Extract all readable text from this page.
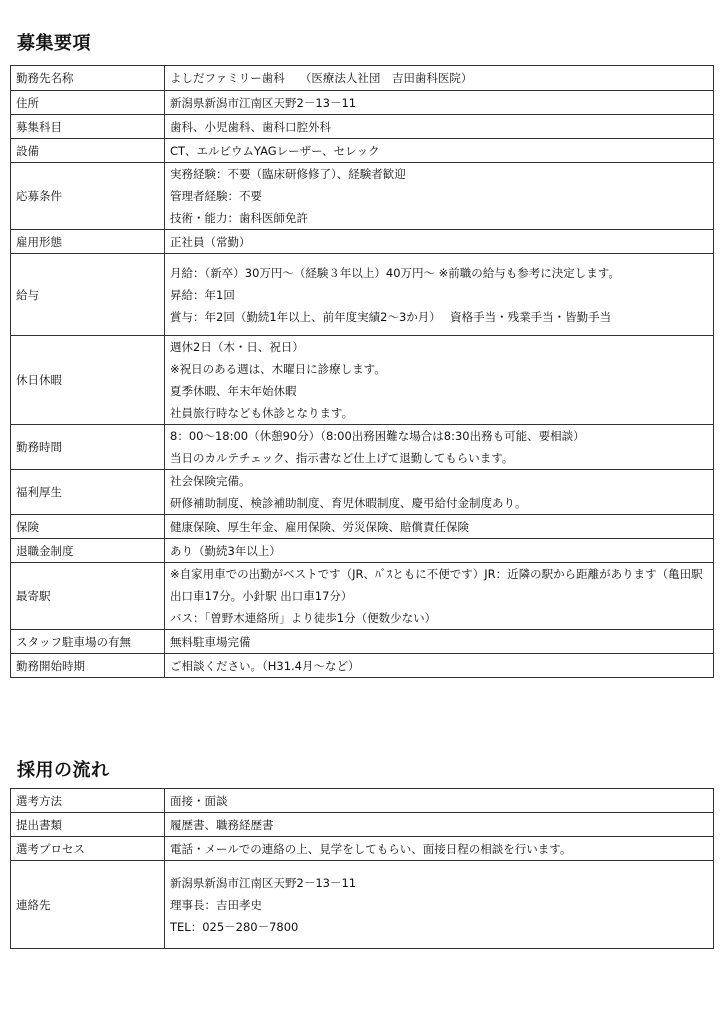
募集要項
勤務先名称	よしだファミリー歯科　 （医療法人社団　吉田歯科医院）

住所	新潟県新潟市江南区天野2－13－11

募集科目	歯科、小児歯科、歯科口腔外科

設備	CT、エルビウムYAGレーザー、セレック

応募条件	実務経験：不要（臨床研修修了）、経験者歓迎
管理者経験：不要
技術・能力：歯科医師免許

雇用形態	正社員（常勤）

給与	月給：（新卒）30万円～（経験３年以上）40万円～ ※前職の給与も参考に決定します。
昇給：年1回
賞与：年2回（勤続1年以上、前年度実績2～3か月）　 資格手当・残業手当・皆勤手当

休日休暇	週休2日（木・日、祝日）
※祝日のある週は、木曜日に診療します。
夏季休暇、年末年始休暇
社員旅行時なども休診となります。

勤務時間	8：00～18:00（休憩90分）（8:00出務困難な場合は8:30出務も可能、要相談）
当日のカルテチェック、指示書など仕上げて退勤してもらいます。

福利厚生	社会保険完備。
研修補助制度、検診補助制度、育児休暇制度、慶弔給付金制度あり。

保険	健康保険、厚生年金、雇用保険、労災保険、賠償責任保険

退職金制度	あり（勤続3年以上）

最寄駅	※自家用車での出勤がベストです（JR、ﾊﾞｽともに不便です）JR：近隣の駅から距離があります（亀田駅 出口車17分。小針駅 出口車17分）
バス：「曽野木連絡所」より徒歩1分（便数少ない）

スタッフ駐車場の有無	無料駐車場完備

勤務開始時期	ご相談ください。（H31.4月～など）
採用の流れ
選考方法	面接・面談

提出書類	履歴書、職務経歴書

選考プロセス	電話・メールでの連絡の上、見学をしてもらい、面接日程の相談を行います。

連絡先	新潟県新潟市江南区天野2－13－11
理事長：吉田孝史
TEL：025－280－7800
